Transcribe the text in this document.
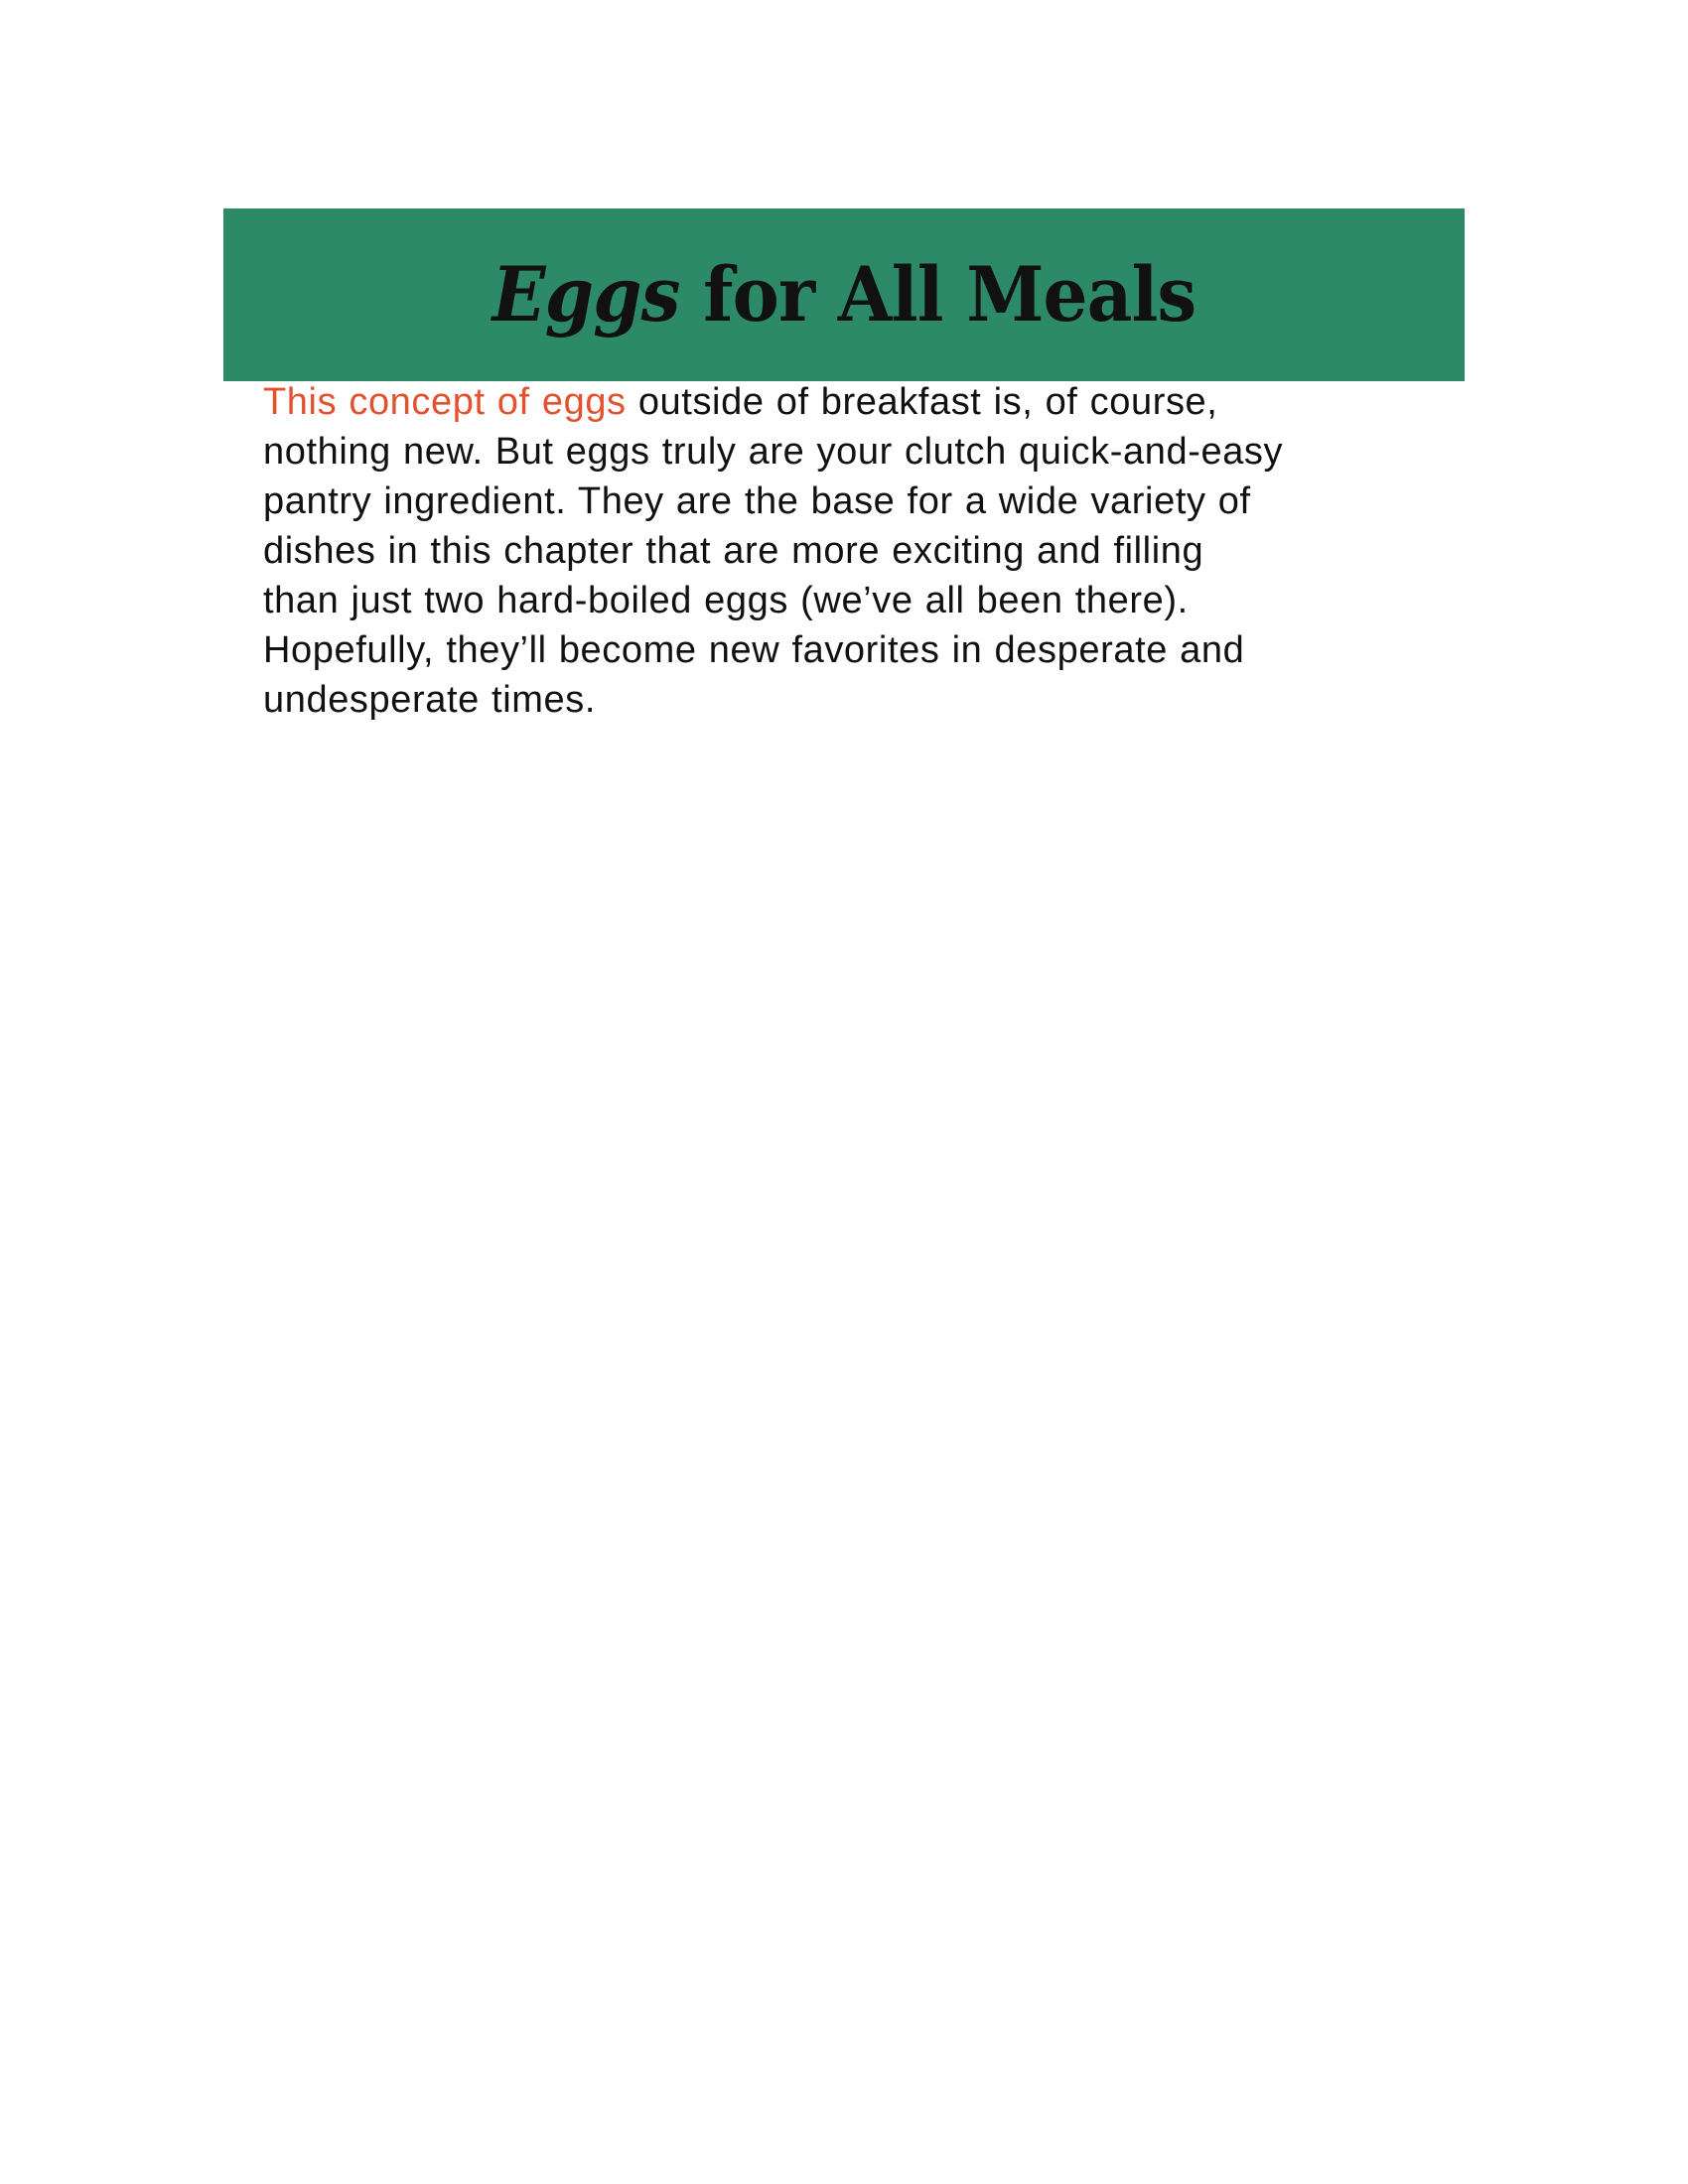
Eggs for All Meals

This concept of eggs outside of breakfast is, of course,
nothing new. But eggs truly are your clutch quick-and-easy
pantry ingredient. They are the base for a wide variety of
dishes in this chapter that are more exciting and filling
than just two hard-boiled eggs (we’ve all been there).
Hopefully, they’ll become new favorites in desperate and
undesperate times.
